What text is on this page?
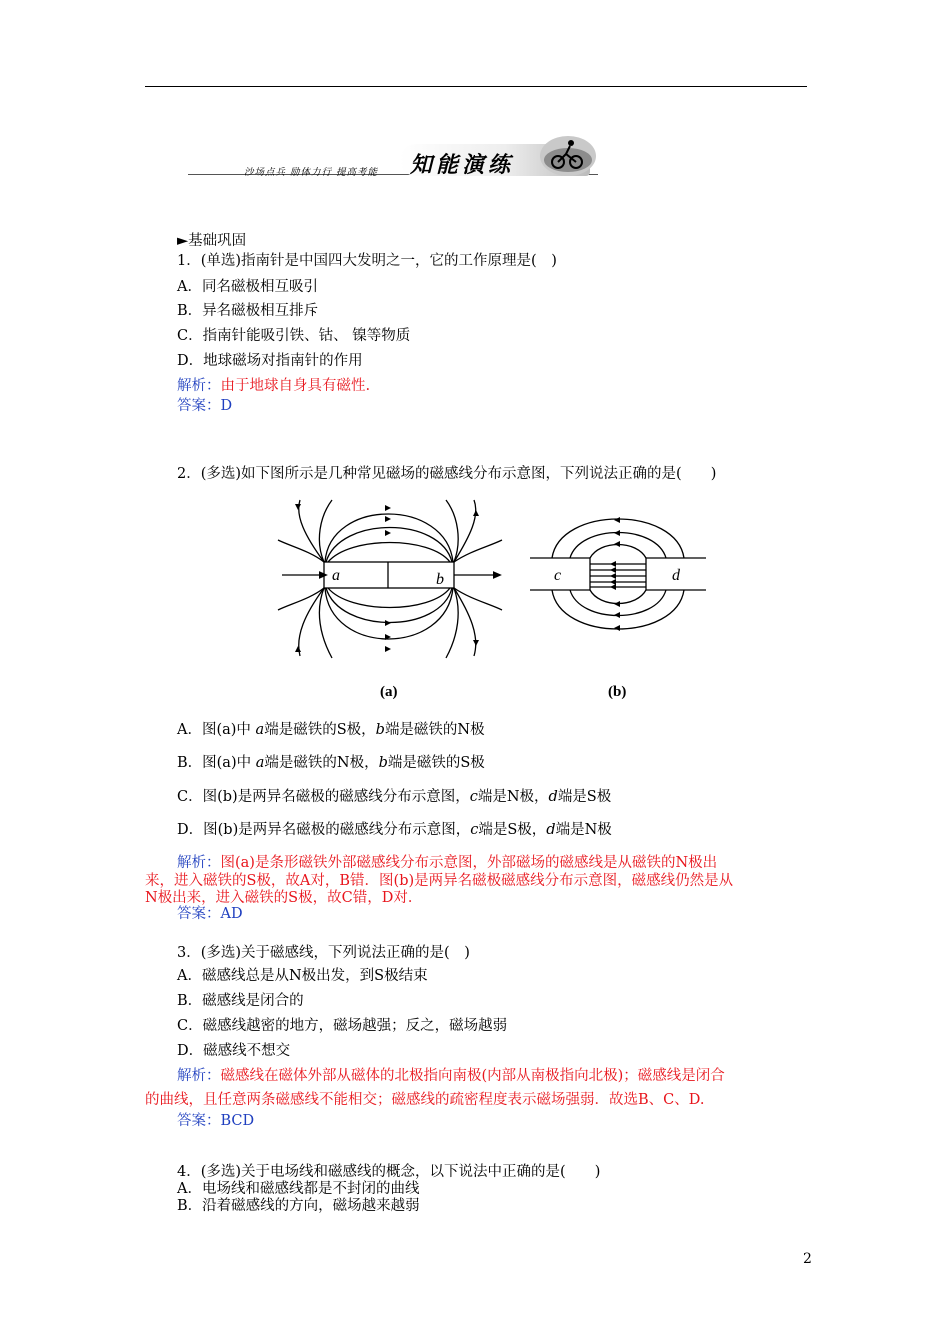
沙场点兵 励体力行 提高考能 知能演练
►基础巩固
1．(单选)指南针是中国四大发明之一，它的工作原理是(　)
A．同名磁极相互吸引
B．异名磁极相互排斥
C．指南针能吸引铁、钴、 镍等物质
D．地球磁场对指南针的作用
解析：由于地球自身具有磁性.
答案：D
2．(多选)如下图所示是几种常见磁场的磁感线分布示意图，下列说法正确的是(　　)
a	b
(a)
c	d
(b)
A．图(a)中 a端是磁铁的S极，b端是磁铁的N极
B．图(a)中 a端是磁铁的N极，b端是磁铁的S极
C．图(b)是两异名磁极的磁感线分布示意图，c端是N极，d端是S极
D．图(b)是两异名磁极的磁感线分布示意图，c端是S极，d端是N极
解析：图(a)是条形磁铁外部磁感线分布示意图，外部磁场的磁感线是从磁铁的N极出
来，进入磁铁的S极，故A对，B错．图(b)是两异名磁极磁感线分布示意图，磁感线仍然是从
N极出来，进入磁铁的S极，故C错，D对．
答案：AD
3．(多选)关于磁感线，下列说法正确的是(　)
A．磁感线总是从N极出发，到S极结束
B．磁感线是闭合的
C．磁感线越密的地方，磁场越强；反之，磁场越弱
D．磁感线不想交
解析：磁感线在磁体外部从磁体的北极指向南极(内部从南极指向北极)；磁感线是闭合
的曲线，且任意两条磁感线不能相交；磁感线的疏密程度表示磁场强弱．故选B、C、D.
答案：BCD
4．(多选)关于电场线和磁感线的概念，以下说法中正确的是(　　)
A．电场线和磁感线都是不封闭的曲线
B．沿着磁感线的方向，磁场越来越弱
2
